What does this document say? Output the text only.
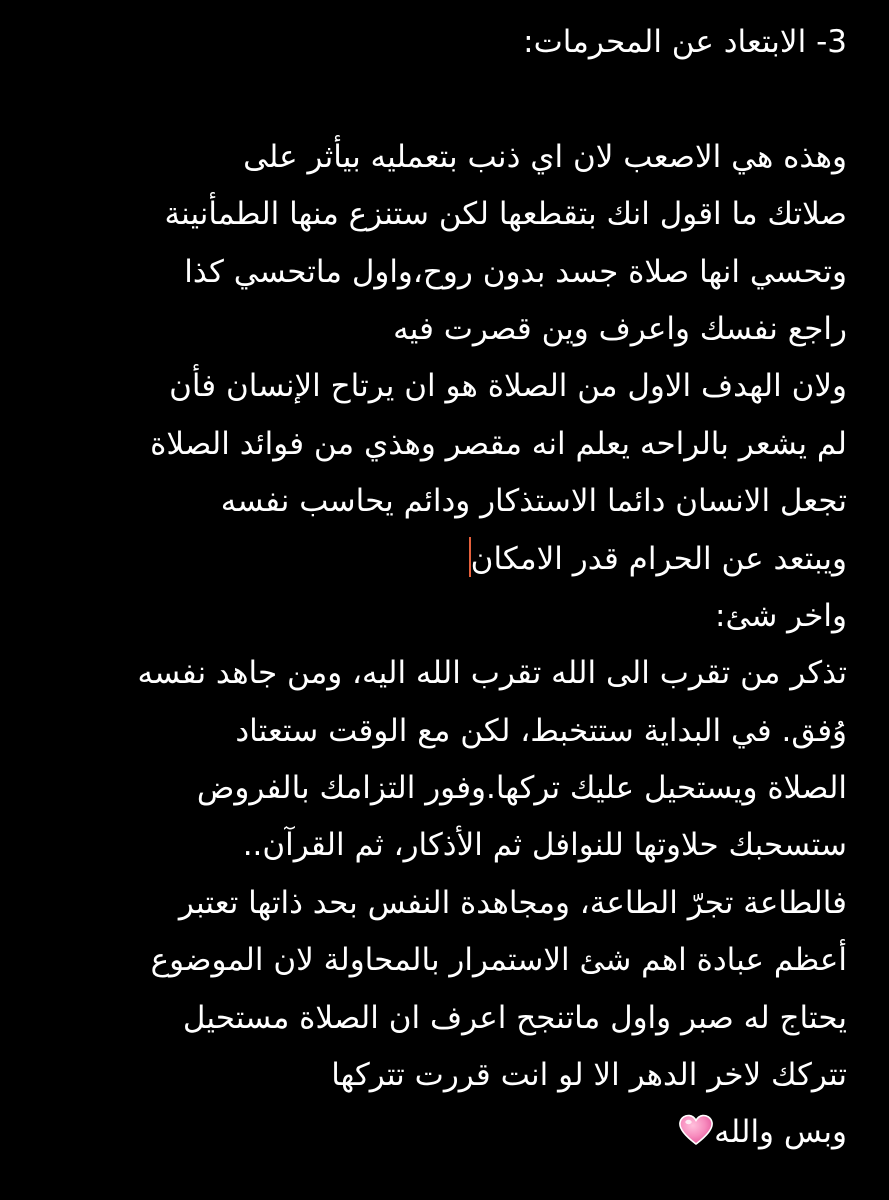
3- الابتعاد عن المحرمات:
وهذه هي الاصعب لان اي ذنب بتعمليه بيأثر على
صلاتك ما اقول انك بتقطعها لكن ستنزع منها الطمأنينة
وتحسي انها صلاة جسد بدون روح،واول ماتحسي كذا
راجع نفسك واعرف وين قصرت فيه
ولان الهدف الاول من الصلاة هو ان يرتاح الإنسان فأن
لم يشعر بالراحه يعلم انه مقصر وهذي من فوائد الصلاة
تجعل الانسان دائما الاستذكار ودائم يحاسب نفسه
ويبتعد عن الحرام قدر الامكان
واخر شئ:
تذكر من تقرب الى الله تقرب الله اليه، ومن جاهد نفسه
وُفق. في البداية ستتخبط، لكن مع الوقت ستعتاد
الصلاة ويستحيل عليك تركها.وفور التزامك بالفروض
ستسحبك حلاوتها للنوافل ثم الأذكار، ثم القرآن..
فالطاعة تجرّ الطاعة، ومجاهدة النفس بحد ذاتها تعتبر
أعظم عبادة اهم شئ الاستمرار بالمحاولة لان الموضوع
يحتاج له صبر واول ماتنجح اعرف ان الصلاة مستحيل
تتركك لاخر الدهر الا لو انت قررت تتركها
وبس والله
